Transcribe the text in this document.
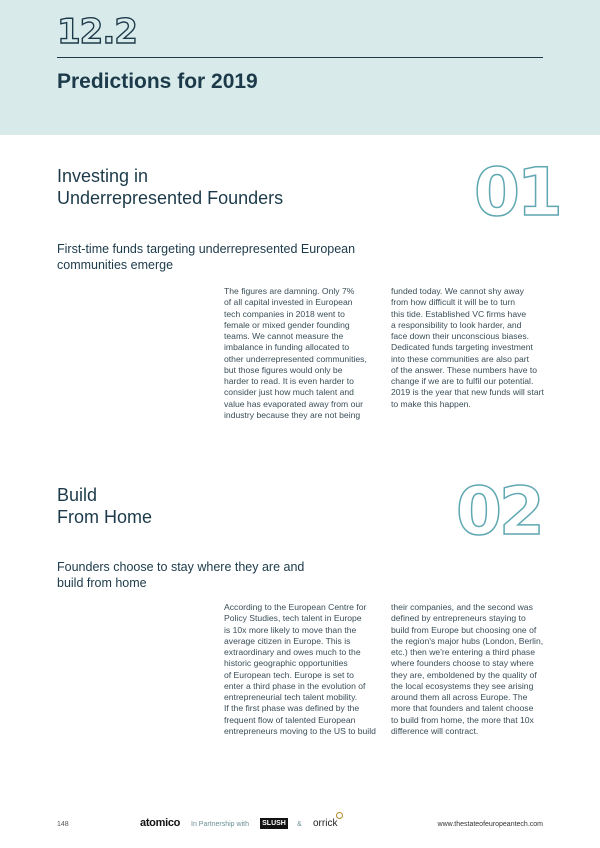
12.2
Predictions for 2019
Investing in
Underrepresented Founders	01
First-time funds targeting underrepresented European
communities emerge
The figures are damning. Only 7%
of all capital invested in European
tech companies in 2018 went to
female or mixed gender founding
teams. We cannot measure the
imbalance in funding allocated to
other underrepresented communities,
but those figures would only be
harder to read. It is even harder to
consider just how much talent and
value has evaporated away from our
industry because they are not being
funded today. We cannot shy away
from how difficult it will be to turn
this tide. Established VC firms have
a responsibility to look harder, and
face down their unconscious biases.
Dedicated funds targeting investment
into these communities are also part
of the answer. These numbers have to
change if we are to fulfil our potential.
2019 is the year that new funds will start
to make this happen.
Build
From Home	02
Founders choose to stay where they are and
build from home
According to the European Centre for
Policy Studies, tech talent in Europe
is 10x more likely to move than the
average citizen in Europe. This is
extraordinary and owes much to the
historic geographic opportunities
of European tech. Europe is set to
enter a third phase in the evolution of
entrepreneurial tech talent mobility.
If the first phase was defined by the
frequent flow of talented European
entrepreneurs moving to the US to build
their companies, and the second was
defined by entrepreneurs staying to
build from Europe but choosing one of
the region's major hubs (London, Berlin,
etc.) then we're entering a third phase
where founders choose to stay where
they are, emboldened by the quality of
the local ecosystems they see arising
around them all across Europe. The
more that founders and talent choose
to build from home, the more that 10x
difference will contract.
148	atomico In Partnership with	SLUSH	& orrick	www.thestateofeuropeantech.com
